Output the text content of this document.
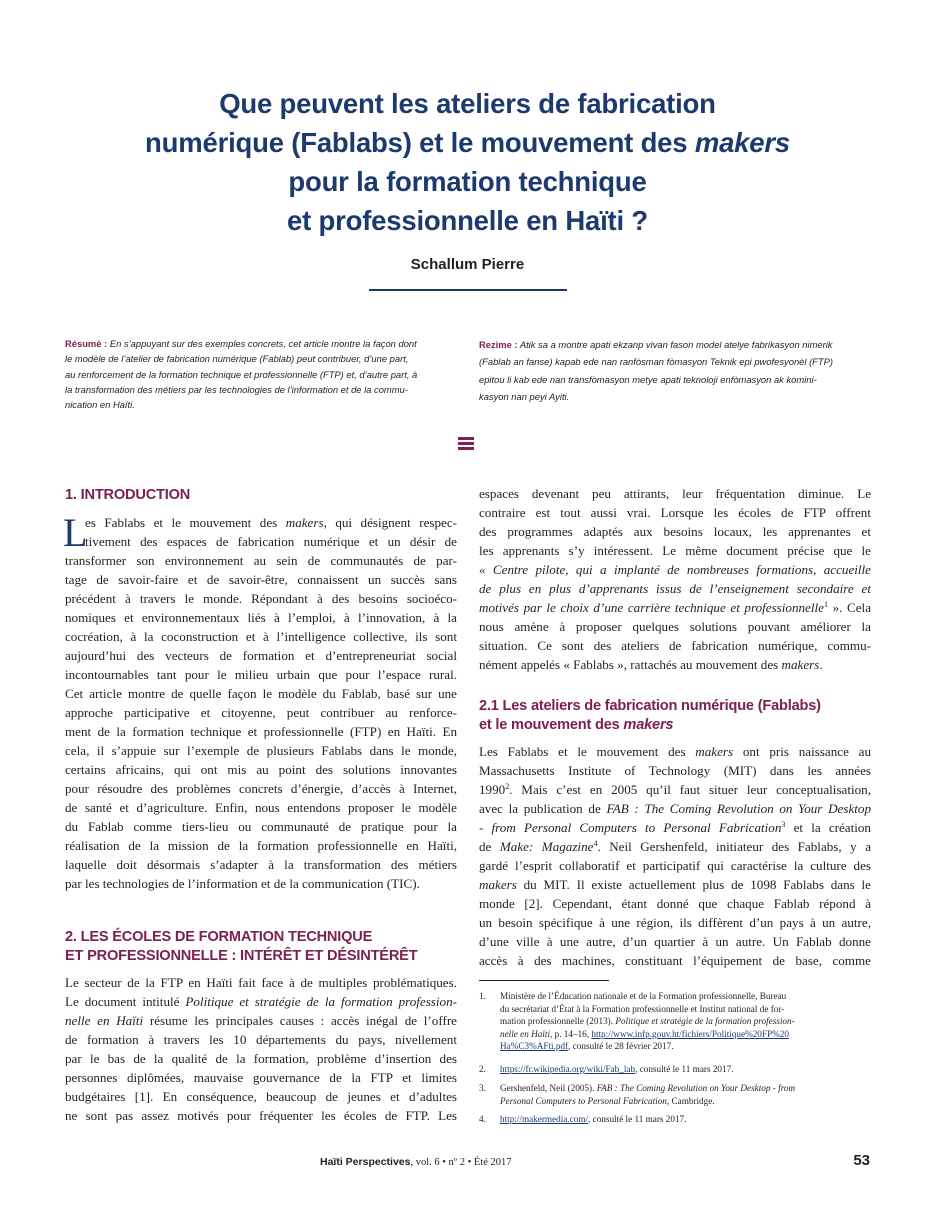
Que peuvent les ateliers de fabrication
numérique (Fablabs) et le mouvement des makers
pour la formation technique
et professionnelle en Haïti ?
Schallum Pierre

Résumé : En s’appuyant sur des exemples concrets, cet article montre la façon dont
le modèle de l’atelier de fabrication numérique (Fablab) peut contribuer, d’une part,
au renforcement de la formation technique et professionnelle (FTP) et, d’autre part, à
la transformation des métiers par les technologies de l’information et de la commu-
nication en Haïti.

Rezime : Atik sa a montre apati ekzanp vivan fason model atelye fabrikasyon nimerik
(Fablab an fanse) kapab ede nan ranfòsman fòmasyon Teknik epi pwofesyonèl (FTP)
epitou li kab ede nan transfòmasyon metye apati teknoloji enfòmasyon ak komini-
kasyon nan peyi Ayiti.

1. INTRODUCTION
L
es Fablabs et le mouvement des makers, qui désignent respec-
tivement des espaces de fabrication numérique et un désir de
transformer son environnement au sein de communautés de par-
tage de savoir-faire et de savoir-être, connaissent un succès sans
précédent à travers le monde. Répondant à des besoins socioéco-
nomiques et environnementaux liés à l’emploi, à l’innovation, à la
cocréation, à la coconstruction et à l’intelligence collective, ils sont
aujourd’hui des vecteurs de formation et d’entrepreneuriat social
incontournables tant pour le milieu urbain que pour l’espace rural.
Cet article montre de quelle façon le modèle du Fablab, basé sur une
approche participative et citoyenne, peut contribuer au renforce-
ment de la formation technique et professionnelle (FTP) en Haïti. En
cela, il s’appuie sur l’exemple de plusieurs Fablabs dans le monde,
certains africains, qui ont mis au point des solutions innovantes
pour résoudre des problèmes concrets d’énergie, d’accès à Internet,
de santé et d’agriculture. Enfin, nous entendons proposer le modèle
du Fablab comme tiers-lieu ou communauté de pratique pour la
réalisation de la mission de la formation professionnelle en Haïti,
laquelle doit désormais s’adapter à la transformation des métiers
par les technologies de l’information et de la communication (TIC).
2. LES ÉCOLES DE FORMATION TECHNIQUE
ET PROFESSIONNELLE : INTÉRÊT ET DÉSINTÉRÊT
Le secteur de la FTP en Haïti fait face à de multiples problématiques.
Le document intitulé Politique et stratégie de la formation profession-
nelle en Haïti résume les principales causes : accès inégal de l’offre
de formation à travers les 10 départements du pays, nivellement
par le bas de la qualité de la formation, problème d’insertion des
personnes diplômées, mauvaise gouvernance de la FTP et limites
budgétaires [1]. En conséquence, beaucoup de jeunes et d’adultes
ne sont pas assez motivés pour fréquenter les écoles de FTP. Les
espaces devenant peu attirants, leur fréquentation diminue. Le
contraire est tout aussi vrai. Lorsque les écoles de FTP offrent
des programmes adaptés aux besoins locaux, les apprenantes et
les apprenants s’y intéressent. Le même document précise que le
« Centre pilote, qui a implanté de nombreuses formations, accueille
de plus en plus d’apprenants issus de l’enseignement secondaire et
motivés par le choix d’une carrière technique et professionnelle$^1$ ». Cela
nous amène à proposer quelques solutions pouvant améliorer la
situation. Ce sont des ateliers de fabrication numérique, commu-
nément appelés « Fablabs », rattachés au mouvement des makers.
2.1 Les ateliers de fabrication numérique (Fablabs)
et le mouvement des makers
Les Fablabs et le mouvement des makers ont pris naissance au
Massachusetts Institute of Technology (MIT) dans les années
1990$^2$. Mais c’est en 2005 qu’il faut situer leur conceptualisation,
avec la publication de FAB : The Coming Revolution on Your Desktop
- from Personal Computers to Personal Fabrication$^3$ et la création
de Make: Magazine$^4$. Neil Gershenfeld, initiateur des Fablabs, y a
gardé l’esprit collaboratif et participatif qui caractérise la culture des
makers du MIT. Il existe actuellement plus de 1098 Fablabs dans le
monde [2]. Cependant, étant donné que chaque Fablab répond à
un besoin spécifique à une région, ils diffèrent d’un pays à un autre,
d’une ville à une autre, d’un quartier à un autre. Un Fablab donne
accès à des machines, constituant l’équipement de base, comme
1. Ministère de l’Éducation nationale et de la Formation professionnelle, Bureau
du secrétariat d’État à la Formation professionnelle et Institut national de for-
mation professionnelle (2013). Politique et stratégie de la formation profession-
nelle en Haïti, p. 14–16, http://www.infp.gouv.ht/fichiers/Politique%20FP%20
Ha%C3%AFti.pdf, consulté le 28 février 2017.
2. https://fr.wikipedia.org/wiki/Fab_lab, consulté le 11 mars 2017.
3. Gershenfeld, Neil (2005). FAB : The Coming Revolution on Your Desktop - from
Personal Computers to Personal Fabrication, Cambridge.
4. http://makermedia.com/, consulté le 11 mars 2017.
Haïti Perspectives, vol. 6 • nº 2 • Été 2017	53
